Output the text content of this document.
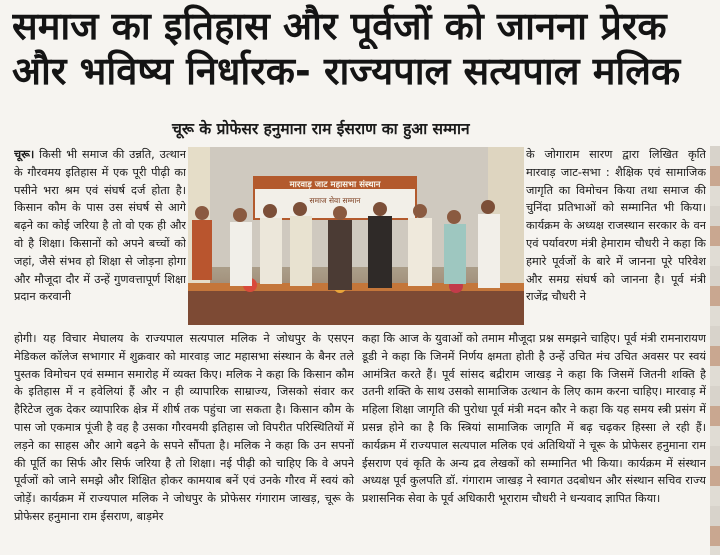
समाज का इतिहास और पूर्वजों को जानना प्रेरक
और भविष्य निर्धारक- राज्यपाल सत्यपाल मलिक
चूरू के प्रोफेसर हनुमाना राम ईसराण का हुआ सम्मान
चूरू। किसी भी समाज की उन्नति, उत्थान के गौरवमय इतिहास में एक पूरी पीढ़ी का पसीने भरा श्रम एवं संघर्ष दर्ज होता है। किसान कौम के पास उस संघर्ष से आगे बढ़ने का कोई जरिया है तो वो एक ही और वो है शिक्षा। किसानों को अपने बच्चों को जहां, जैसे संभव हो शिक्षा से जोड़ना होगा और मौजूदा दौर में उन्हें गुणवत्तापूर्ण शिक्षा प्रदान करवानी
मारवाड़ जाट महासभा संस्थान
समाज सेवा सम्मान
के जोगाराम सारण द्वारा लिखित कृति मारवाड़ जाट-सभा : शैक्षिक एवं सामाजिक जागृति का विमोचन किया तथा समाज की चुनिंदा प्रतिभाओं को सम्मानित भी किया। कार्यक्रम के अध्यक्ष राजस्थान सरकार के वन एवं पर्यावरण मंत्री हेमाराम चौधरी ने कहा कि हमारे पूर्वजों के बारे में जानना पूरे परिवेश और समग्र संघर्ष को जानना है। पूर्व मंत्री राजेंद्र चौधरी ने
होगी। यह विचार मेघालय के राज्यपाल सत्यपाल मलिक ने जोधपुर के एसएन मेडिकल कॉलेज सभागार में शुक्रवार को मारवाड़ जाट महासभा संस्थान के बैनर तले पुस्तक विमोचन एवं सम्मान समारोह में व्यक्त किए। मलिक ने कहा कि किसान कौम के इतिहास में न हवेलियां हैं और न ही व्यापारिक साम्राज्य, जिसको संवार कर हैरिटेज लुक देकर व्यापारिक क्षेत्र में शीर्ष तक पहुंचा जा सकता है। किसान कौम के पास जो एकमात्र पूंजी है वह है उसका गौरवमयी इतिहास जो विपरीत परिस्थितियों में लड़ने का साहस और आगे बढ़ने के सपने सौंपता है। मलिक ने कहा कि उन सपनों की पूर्ति का सिर्फ और सिर्फ जरिया है तो शिक्षा। नई पीढ़ी को चाहिए कि वे अपने पूर्वजों को जाने समझे और शिक्षित होकर कामयाब बनें एवं उनके गौरव में स्वयं को जोड़ें। कार्यक्रम में राज्यपाल मलिक ने जोधपुर के प्रोफेसर गंगाराम जाखड़, चूरू के प्रोफेसर हनुमाना राम ईसराण, बाड़मेर
कहा कि आज के युवाओं को तमाम मौजूदा प्रश्न समझने चाहिए। पूर्व मंत्री रामनारायण डूडी ने कहा कि जिनमें निर्णय क्षमता होती है उन्हें उचित मंच उचित अवसर पर स्वयं आमंत्रित करते हैं। पूर्व सांसद बद्रीराम जाखड़ ने कहा कि जिसमें जितनी शक्ति है उतनी शक्ति के साथ उसको सामाजिक उत्थान के लिए काम करना चाहिए। मारवाड़ में महिला शिक्षा जागृति की पुरोधा पूर्व मंत्री मदन कौर ने कहा कि यह समय स्त्री प्रसंग में प्रसन्न होने का है कि स्त्रियां सामाजिक जागृति में बढ़ चढ़कर हिस्सा ले रही हैं। कार्यक्रम में राज्यपाल सत्यपाल मलिक एवं अतिथियों ने चूरू के प्रोफेसर हनुमाना राम ईसराण एवं कृति के अन्य द्रव लेखकों को सम्मानित भी किया। कार्यक्रम में संस्थान अध्यक्ष पूर्व कुलपति डॉ. गंगाराम जाखड़ ने स्वागत उदबोधन और संस्थान सचिव राज्य प्रशासनिक सेवा के पूर्व अधिकारी भूराराम चौधरी ने धन्यवाद ज्ञापित किया।
